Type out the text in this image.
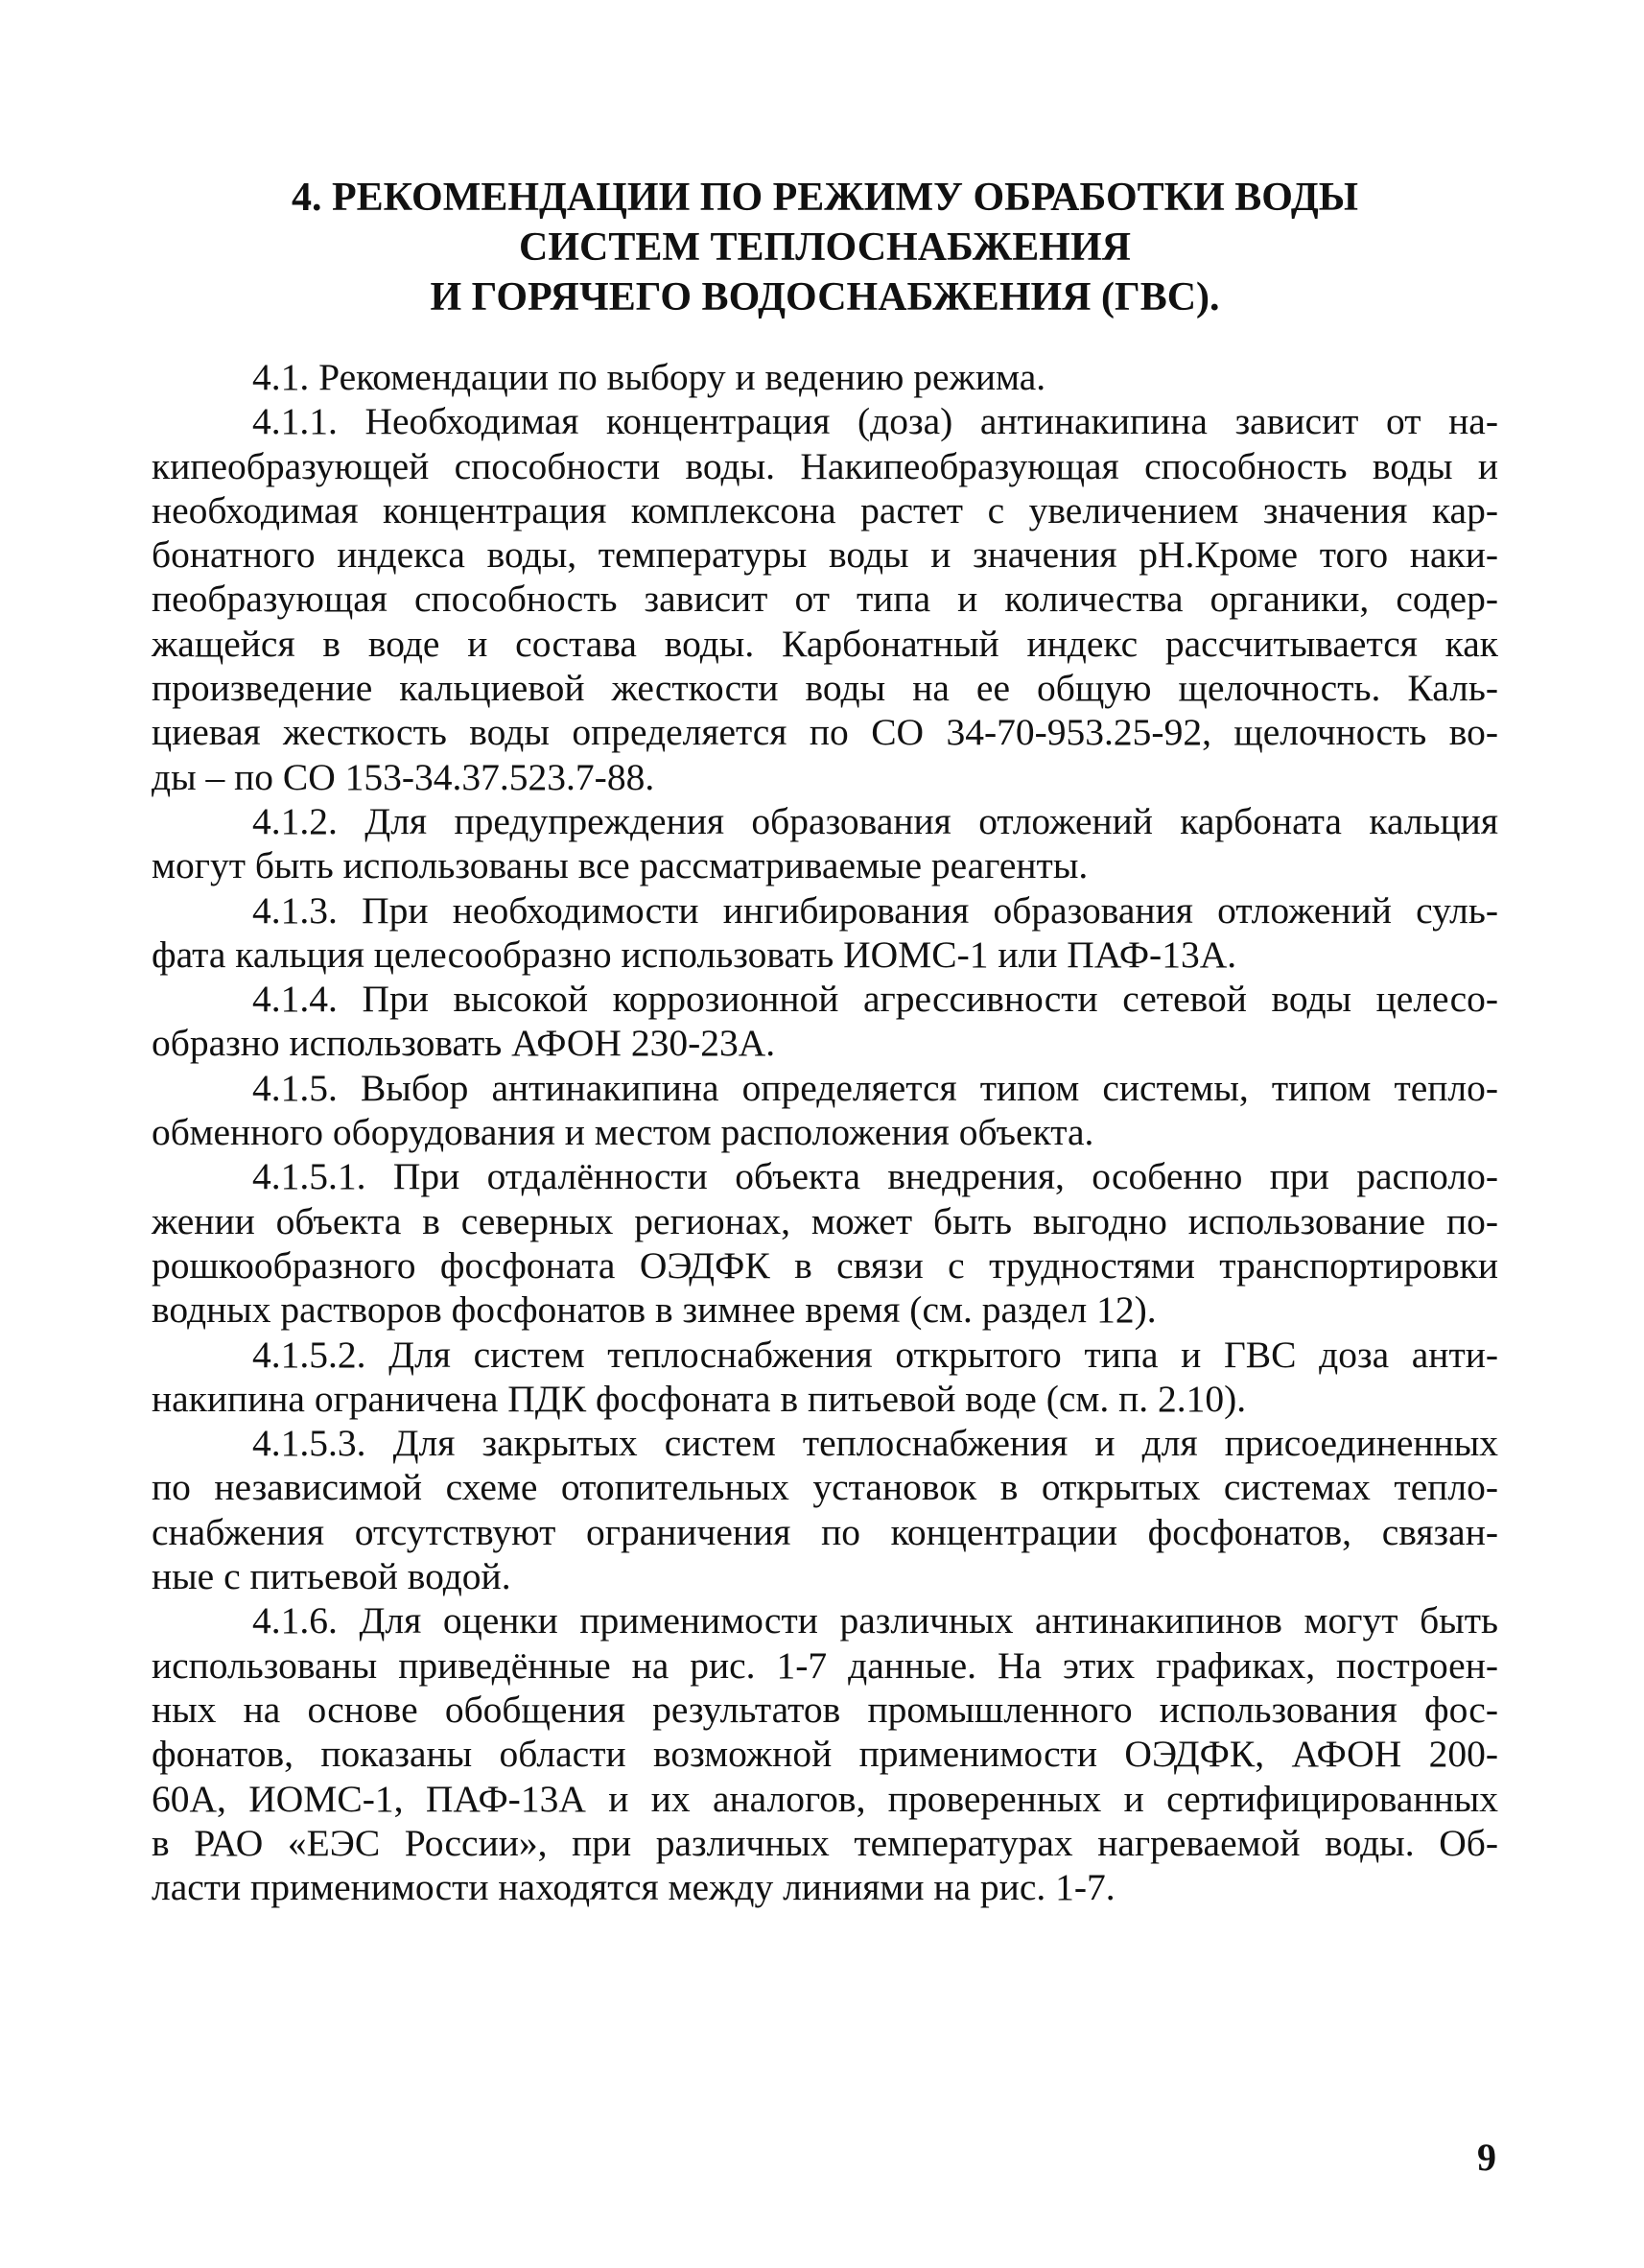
4. РЕКОМЕНДАЦИИ ПО РЕЖИМУ ОБРАБОТКИ ВОДЫ
СИСТЕМ ТЕПЛОСНАБЖЕНИЯ
И ГОРЯЧЕГО ВОДОСНАБЖЕНИЯ (ГВС).
4.1. Рекомендации по выбору и ведению режима.
4.1.1. Необходимая концентрация (доза) антинакипина зависит от на-
кипеобразующей способности воды. Накипеобразующая способность воды и
необходимая концентрация комплексона растет с увеличением значения кар-
бонатного индекса воды, температуры воды и значения pH.Кроме того наки-
пеобразующая способность зависит от типа и количества органики, содер-
жащейся в воде и состава воды. Карбонатный индекс рассчитывается как
произведение кальциевой жесткости воды на ее общую щелочность. Каль-
циевая жесткость воды определяется по СО 34-70-953.25-92, щелочность во-
ды – по СО 153-34.37.523.7-88.
4.1.2. Для предупреждения образования отложений карбоната кальция
могут быть использованы все рассматриваемые реагенты.
4.1.3. При необходимости ингибирования образования отложений суль-
фата кальция целесообразно использовать ИОМС-1 или ПАФ-13А.
4.1.4. При высокой коррозионной агрессивности сетевой воды целесо-
образно использовать АФОН 230-23А.
4.1.5. Выбор антинакипина определяется типом системы, типом тепло-
обменного оборудования и местом расположения объекта.
4.1.5.1. При отдалённости объекта внедрения, особенно при располо-
жении объекта в северных регионах, может быть выгодно использование по-
рошкообразного фосфоната ОЭДФК в связи с трудностями транспортировки
водных растворов фосфонатов в зимнее время (см. раздел 12).
4.1.5.2. Для систем теплоснабжения открытого типа и ГВС доза анти-
накипина ограничена ПДК фосфоната в питьевой воде (см. п. 2.10).
4.1.5.3. Для закрытых систем теплоснабжения и для присоединенных
по независимой схеме отопительных установок в открытых системах тепло-
снабжения отсутствуют ограничения по концентрации фосфонатов, связан-
ные с питьевой водой.
4.1.6. Для оценки применимости различных антинакипинов могут быть
использованы приведённые на рис. 1-7 данные. На этих графиках, построен-
ных на основе обобщения результатов промышленного использования фос-
фонатов, показаны области возможной применимости ОЭДФК, АФОН 200-
60А, ИОМС-1, ПАФ-13А и их аналогов, проверенных и сертифицированных
в РАО «ЕЭС России», при различных температурах нагреваемой воды. Об-
ласти применимости находятся между линиями на рис. 1-7.
9
